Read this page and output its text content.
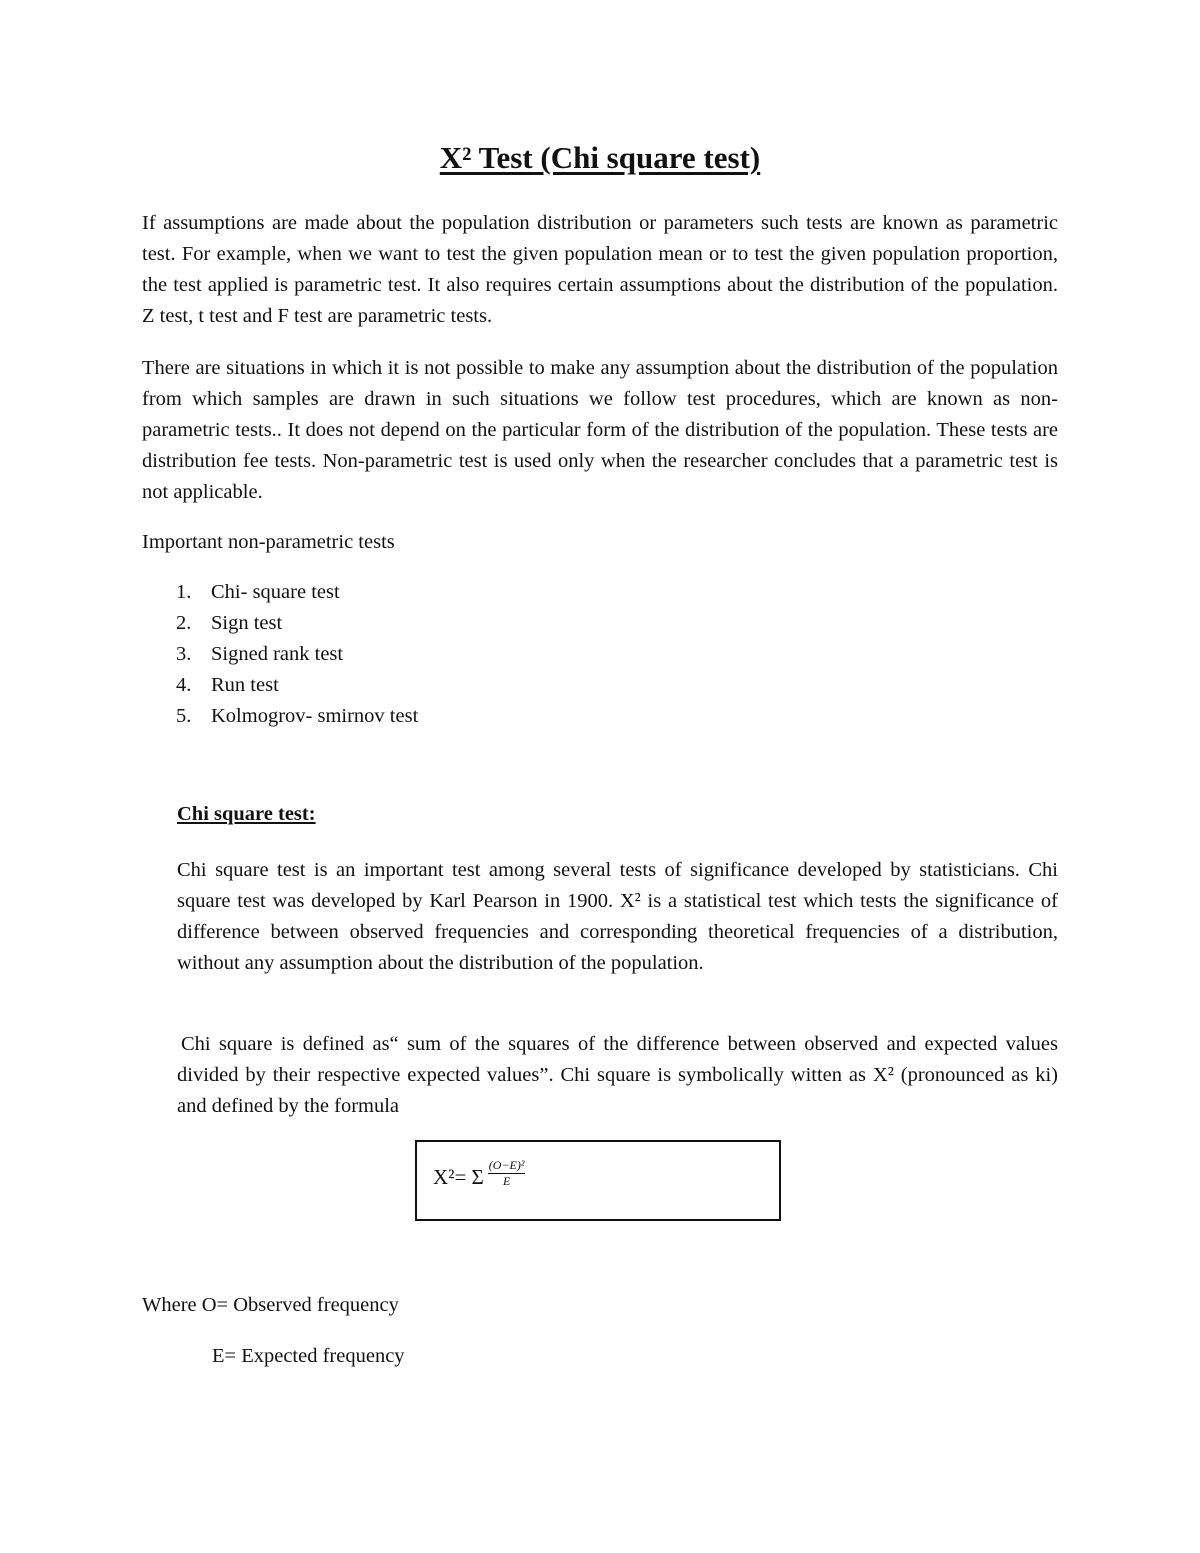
X² Test (Chi square test)

If assumptions are made about the population distribution or parameters such tests are known as parametric test. For example, when we want to test the given population mean or to test the given population proportion, the test applied is parametric test. It also requires certain assumptions about the distribution of the population. Z test, t test and F test are parametric tests.

There are situations in which it is not possible to make any assumption about the distribution of the population from which samples are drawn in such situations we follow test procedures, which are known as non-parametric tests.. It does not depend on the particular form of the distribution of the population. These tests are distribution fee tests. Non-parametric test is used only when the researcher concludes that a parametric test is not applicable.

Important non-parametric tests

1. Chi- square test
2. Sign test
3. Signed rank test
4. Run test
5. Kolmogrov- smirnov test
Chi square test:

Chi square test is an important test among several tests of significance developed by statisticians. Chi square test was developed by Karl Pearson in 1900. X² is a statistical test which tests the significance of difference between observed frequencies and corresponding theoretical frequencies of a distribution, without any assumption about the distribution of the population.

Chi square is defined as“ sum of the squares of the difference between observed and expected values divided by their respective expected values”. Chi square is symbolically witten as X² (pronounced as ki) and defined by the formula

X²= Ʃ $\frac{\text{(O−E)²}}{E}$
Where O= Observed frequency
E= Expected frequency
